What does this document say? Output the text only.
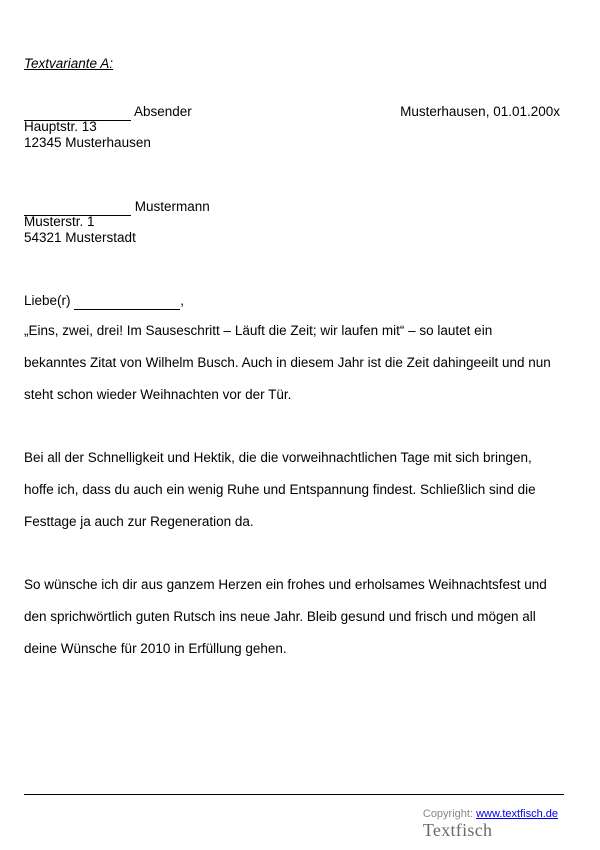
Textvariante A:
Absender	Musterhausen, 01.01.200x
Hauptstr. 13
12345 Musterhausen
Mustermann
Musterstr. 1
54321 Musterstadt
Liebe(r)	,
„Eins, zwei, drei! Im Sauseschritt – Läuft die Zeit; wir laufen mit“ – so lautet ein
bekanntes Zitat von Wilhelm Busch. Auch in diesem Jahr ist die Zeit dahingeeilt und nun
steht schon wieder Weihnachten vor der Tür.
Bei all der Schnelligkeit und Hektik, die die vorweihnachtlichen Tage mit sich bringen,
hoffe ich, dass du auch ein wenig Ruhe und Entspannung findest. Schließlich sind die
Festtage ja auch zur Regeneration da.
So wünsche ich dir aus ganzem Herzen ein frohes und erholsames Weihnachtsfest und
den sprichwörtlich guten Rutsch ins neue Jahr. Bleib gesund und frisch und mögen all
deine Wünsche für 2010 in Erfüllung gehen.
Copyright: www.textfisch.de
Textfisch
